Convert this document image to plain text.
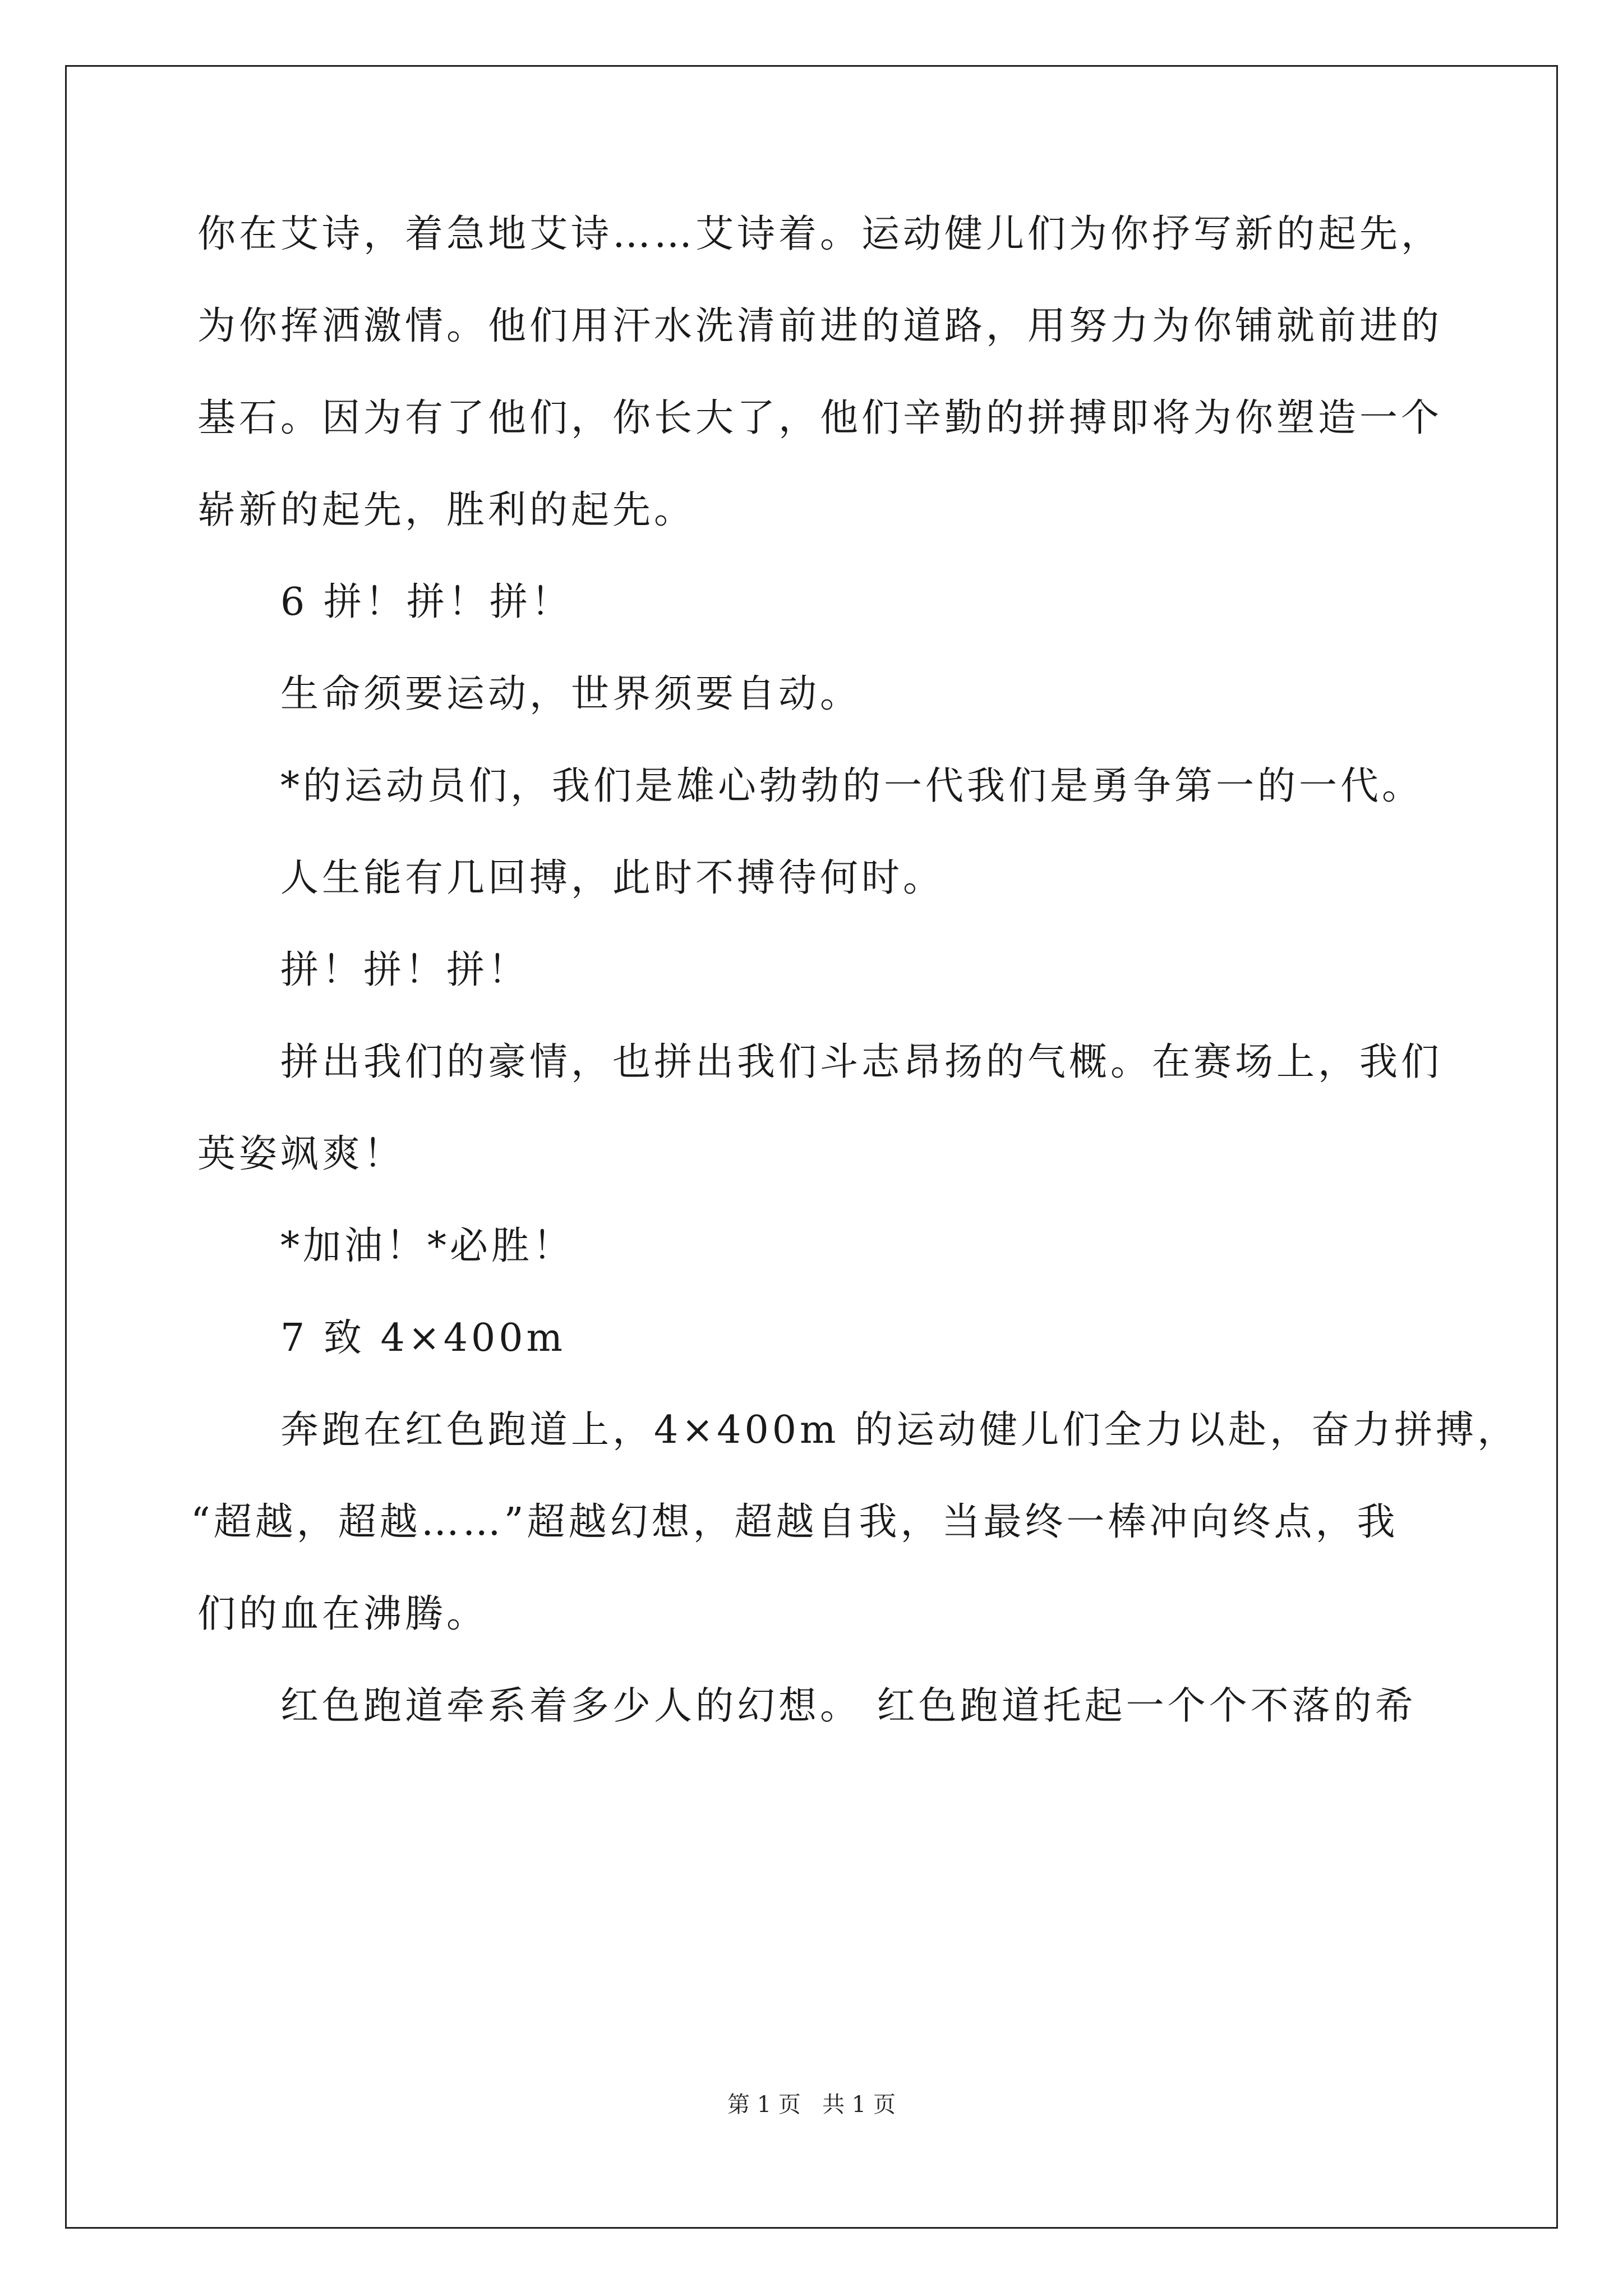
你在艾诗，着急地艾诗……艾诗着。运动健儿们为你抒写新的起先，
为你挥洒激情。他们用汗水洗清前进的道路，用努力为你铺就前进的
基石。因为有了他们，你长大了，他们辛勤的拼搏即将为你塑造一个
崭新的起先，胜利的起先。
6 拼！拼！拼！
生命须要运动，世界须要自动。
*的运动员们，我们是雄心勃勃的一代我们是勇争第一的一代。
人生能有几回搏，此时不搏待何时。
拼！拼！拼！
拼出我们的豪情，也拼出我们斗志昂扬的气概。在赛场上，我们
英姿飒爽！
*加油！*必胜！
7 致 4×400m
奔跑在红色跑道上，4×400m 的运动健儿们全力以赴，奋力拼搏，
“超越，超越……”超越幻想，超越自我，当最终一棒冲向终点，我
们的血在沸腾。
红色跑道牵系着多少人的幻想。 红色跑道托起一个个不落的希
第 1 页   共 1 页
